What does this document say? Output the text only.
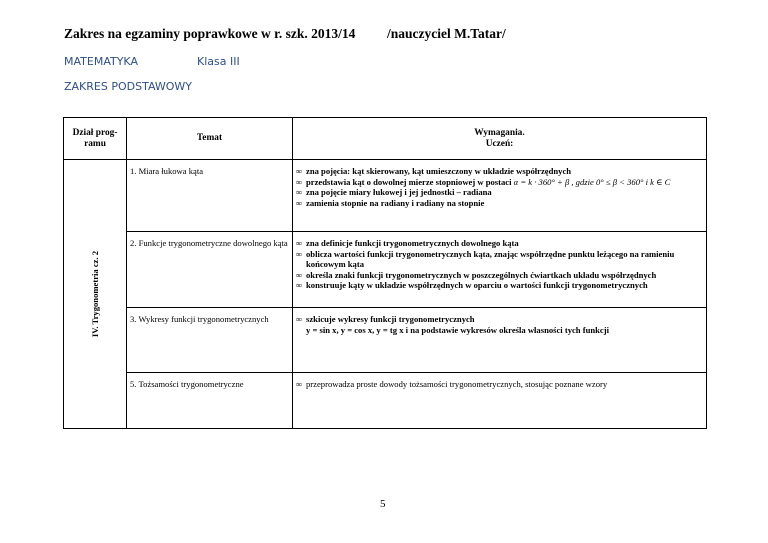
Zakres na egzaminy poprawkowe w r. szk. 2013/14 /nauczyciel M.Tatar/
MATEMATYKA	Klasa III
ZAKRES PODSTAWOWY
Dział prog-ramu	Temat	Wymagania.
Uczeń:

IV. Trygonometria cz. 2	1. Miara łukowa kąta	∞ zna pojęcia: kąt skierowany, kąt umieszczony w układzie współrzędnych
∞ przedstawia kąt o dowolnej mierze stopniowej w postaci α = k · 360° + β , gdzie 0° ≤ β < 360° i k ∈ C
∞ zna pojęcie miary łukowej i jej jednostki – radiana
∞ zamienia stopnie na radiany i radiany na stopnie

	2. Funkcje trygonometryczne dowolnego kąta	∞ zna definicje funkcji trygonometrycznych dowolnego kąta
∞ oblicza wartości funkcji trygonometrycznych kąta, znając współrzędne punktu leżącego na ramieniu końcowym kąta
∞ określa znaki funkcji trygonometrycznych w poszczególnych ćwiartkach układu współrzędnych
∞ konstruuje kąty w układzie współrzędnych w oparciu o wartości funkcji trygonometrycznych

	3. Wykresy funkcji trygonometrycznych	∞ szkicuje wykresy funkcji trygonometrycznych
y = sin x, y = cos x, y = tg x i na podstawie wykresów określa własności tych funkcji

	5. Tożsamości trygonometryczne	∞ przeprowadza proste dowody tożsamości trygonometrycznych, stosując poznane wzory
5
